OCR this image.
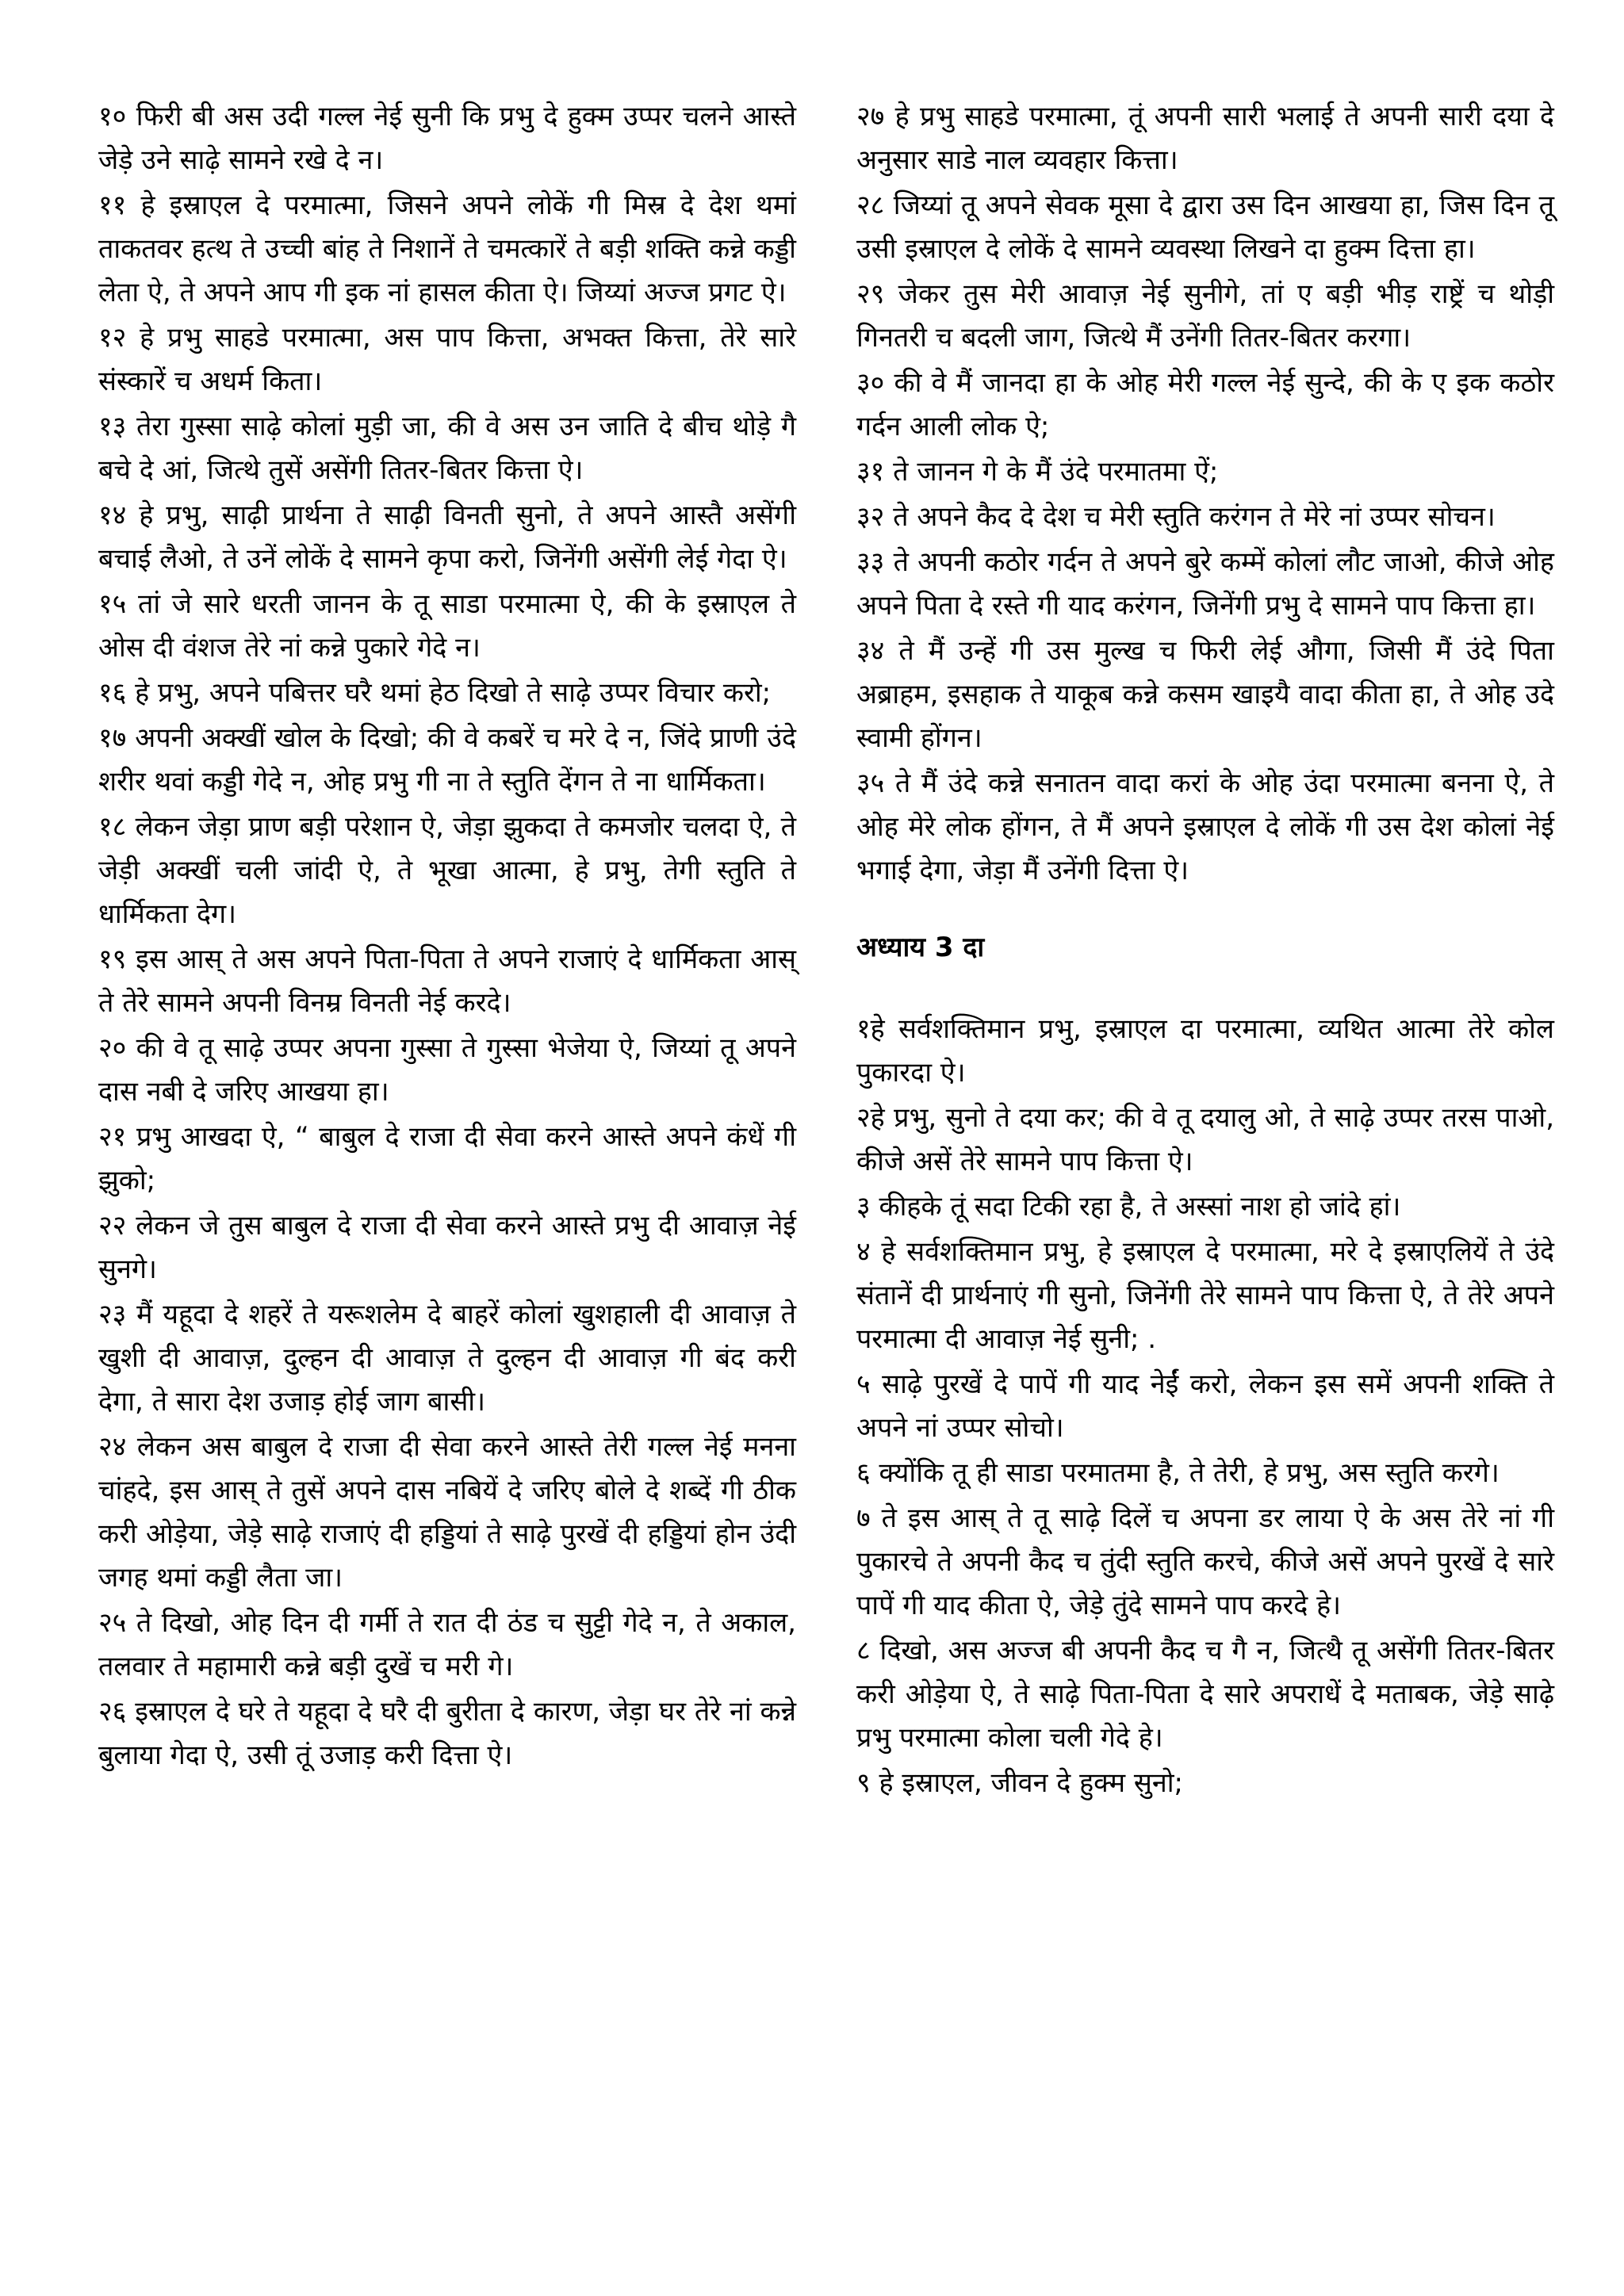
१० फिरी बी अस उदी गल्ल नेई सुनी कि प्रभु दे हुक्म उप्पर चलने आस्ते जेड़े उने साढ़े सामने रखे दे न।

११ हे इस्राएल दे परमात्मा, जिसने अपने लोकें गी मिस्र दे देश थमां ताकतवर हत्थ ते उच्ची बांह ते निशानें ते चमत्कारें ते बड़ी शक्ति कन्ने कड्डी लेता ऐ, ते अपने आप गी इक नां हासल कीता ऐ। जिय्यां अज्ज प्रगट ऐ।

१२ हे प्रभु साहडे परमात्मा, अस पाप कित्ता, अभक्त कित्ता, तेरे सारे संस्कारें च अधर्म किता।

१३ तेरा गुस्सा साढ़े कोलां मुड़ी जा, की वे अस उन जाति दे बीच थोड़े गै बचे दे आं, जित्थे तुसें असेंगी तितर-बितर कित्ता ऐ।

१४ हे प्रभु, साढ़ी प्रार्थना ते साढ़ी विनती सुनो, ते अपने आस्तै असेंगी बचाई लैओ, ते उनें लोकें दे सामने कृपा करो, जिनेंगी असेंगी लेई गेदा ऐ।

१५ तां जे सारे धरती जानन के तू साडा परमात्मा ऐ, की के इस्राएल ते ओस दी वंशज तेरे नां कन्ने पुकारे गेदे न।

१६ हे प्रभु, अपने पबित्तर घरै थमां हेठ दिखो ते साढ़े उप्पर विचार करो;

१७ अपनी अक्खीं खोल के दिखो; की वे कबरें च मरे दे न, जिंदे प्राणी उंदे शरीर थवां कड्डी गेदे न, ओह प्रभु गी ना ते स्तुति देंगन ते ना धार्मिकता।

१८ लेकन जेड़ा प्राण बड़ी परेशान ऐ, जेड़ा झुकदा ते कमजोर चलदा ऐ, ते जेड़ी अक्खीं चली जांदी ऐ, ते भूखा आत्मा, हे प्रभु, तेगी स्तुति ते धार्मिकता देग।

१९ इस आस् ते अस अपने पिता-पिता ते अपने राजाएं दे धार्मिकता आस् ते तेरे सामने अपनी विनम्र विनती नेई करदे।

२० की वे तू साढ़े उप्पर अपना गुस्सा ते गुस्सा भेजेया ऐ, जिय्यां तू अपने दास नबी दे जरिए आखया हा।

२१ प्रभु आखदा ऐ, “ बाबुल दे राजा दी सेवा करने आस्ते अपने कंधें गी झुको;

२२ लेकन जे तुस बाबुल दे राजा दी सेवा करने आस्ते प्रभु दी आवाज़ नेई सुनगे।

२३ मैं यहूदा दे शहरें ते यरूशलेम दे बाहरें कोलां खुशहाली दी आवाज़ ते खुशी दी आवाज़, दुल्हन दी आवाज़ ते दुल्हन दी आवाज़ गी बंद करी देगा, ते सारा देश उजाड़ होई जाग बासी।

२४ लेकन अस बाबुल दे राजा दी सेवा करने आस्ते तेरी गल्ल नेई मनना चांहदे, इस आस् ते तुसें अपने दास नबियें दे जरिए बोले दे शब्दें गी ठीक करी ओड़ेया, जेड़े साढ़े राजाएं दी हड्डियां ते साढ़े पुरखें दी हड्डियां होन उंदी जगह थमां कड्डी लैता जा।

२५ ते दिखो, ओह दिन दी गर्मी ते रात दी ठंड च सुट्टी गेदे न, ते अकाल, तलवार ते महामारी कन्ने बड़ी दुखें च मरी गे।

२६ इस्राएल दे घरे ते यहूदा दे घरै दी बुरीता दे कारण, जेड़ा घर तेरे नां कन्ने बुलाया गेदा ऐ, उसी तूं उजाड़ करी दित्ता ऐ।

२७ हे प्रभु साहडे परमात्मा, तूं अपनी सारी भलाई ते अपनी सारी दया दे अनुसार साडे नाल व्यवहार कित्ता।

२८ जिय्यां तू अपने सेवक मूसा दे द्वारा उस दिन आखया हा, जिस दिन तू उसी इस्राएल दे लोकें दे सामने व्यवस्था लिखने दा हुक्म दित्ता हा।

२९ जेकर तुस मेरी आवाज़ नेई सुनीगे, तां ए बड़ी भीड़ राष्ट्रें च थोड़ी गिनतरी च बदली जाग, जित्थे मैं उनेंगी तितर-बितर करगा।

३० की वे मैं जानदा हा के ओह मेरी गल्ल नेई सुन्दे, की के ए इक कठोर गर्दन आली लोक ऐ;

३१ ते जानन गे के मैं उंदे परमातमा ऐं;

३२ ते अपने कैद दे देश च मेरी स्तुति करंगन ते मेरे नां उप्पर सोचन।

३३ ते अपनी कठोर गर्दन ते अपने बुरे कम्में कोलां लौट जाओ, कीजे ओह अपने पिता दे रस्ते गी याद करंगन, जिनेंगी प्रभु दे सामने पाप कित्ता हा।

३४ ते मैं उन्हें गी उस मुल्ख च फिरी लेई औगा, जिसी मैं उंदे पिता अब्राहम, इसहाक ते याकूब कन्ने कसम खाइयै वादा कीता हा, ते ओह उदे स्वामी होंगन।

३५ ते मैं उंदे कन्ने सनातन वादा करां के ओह उंदा परमात्मा बनना ऐ, ते ओह मेरे लोक होंगन, ते मैं अपने इस्राएल दे लोकें गी उस देश कोलां नेई भगाई देगा, जेड़ा मैं उनेंगी दित्ता ऐ।

अध्याय 3 दा

१हे सर्वशक्तिमान प्रभु, इस्राएल दा परमात्मा, व्यथित आत्मा तेरे कोल पुकारदा ऐ।

२हे प्रभु, सुनो ते दया कर; की वे तू दयालु ओ, ते साढ़े उप्पर तरस पाओ, कीजे असें तेरे सामने पाप कित्ता ऐ।

३ कीहके तूं सदा टिकी रहा है, ते अस्सां नाश हो जांदे हां।

४ हे सर्वशक्तिमान प्रभु, हे इस्राएल दे परमात्मा, मरे दे इस्राएलियें ते उंदे संतानें दी प्रार्थनाएं गी सुनो, जिनेंगी तेरे सामने पाप कित्ता ऐ, ते तेरे अपने परमात्मा दी आवाज़ नेई सुनी; .

५ साढ़े पुरखें दे पापें गी याद नेईं करो, लेकन इस समें अपनी शक्ति ते अपने नां उप्पर सोचो।

६ क्योंकि तू ही साडा परमातमा है, ते तेरी, हे प्रभु, अस स्तुति करगे।

७ ते इस आस् ते तू साढ़े दिलें च अपना डर लाया ऐ के अस तेरे नां गी पुकारचे ते अपनी कैद च तुंदी स्तुति करचे, कीजे असें अपने पुरखें दे सारे पापें गी याद कीता ऐ, जेड़े तुंदे सामने पाप करदे हे।

८ दिखो, अस अज्ज बी अपनी कैद च गै न, जित्थै तू असेंगी तितर-बितर करी ओड़ेया ऐ, ते साढ़े पिता-पिता दे सारे अपराधें दे मताबक, जेड़े साढ़े प्रभु परमात्मा कोला चली गेदे हे।

९ हे इस्राएल, जीवन दे हुक्म सुनो;
